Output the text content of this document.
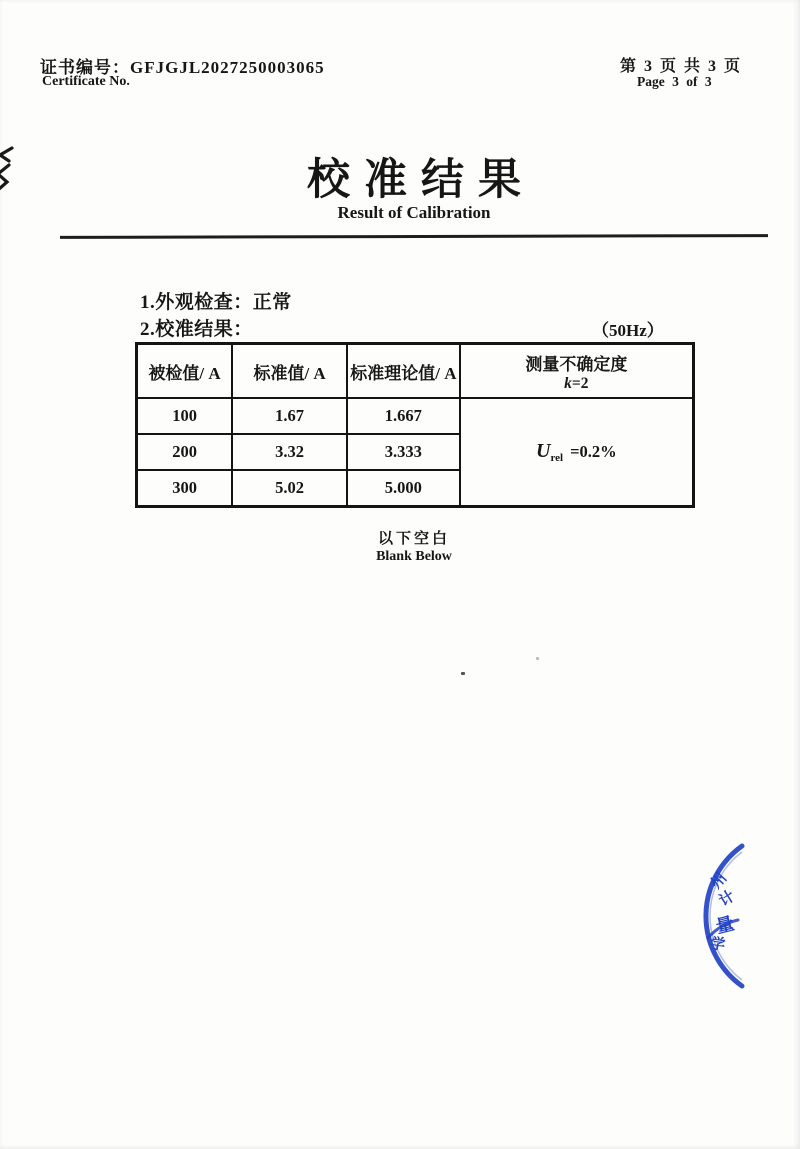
证书编号：GFJGJL2027250003065
Certificate No.
第 3 页 共 3 页
Page 3 of 3
校准结果
Result of Calibration
1.外观检查：正常
2.校准结果：	（50Hz）
被检值/ A	标准值/ A	标准理论值/ A	测量不确定度
k=2

100	1.67	1.667	$U_{rel} =0.2\%$
200	3.32	3.333	
300	5.02	5.000	
以下空白
Blank Below
州
计
量
学
